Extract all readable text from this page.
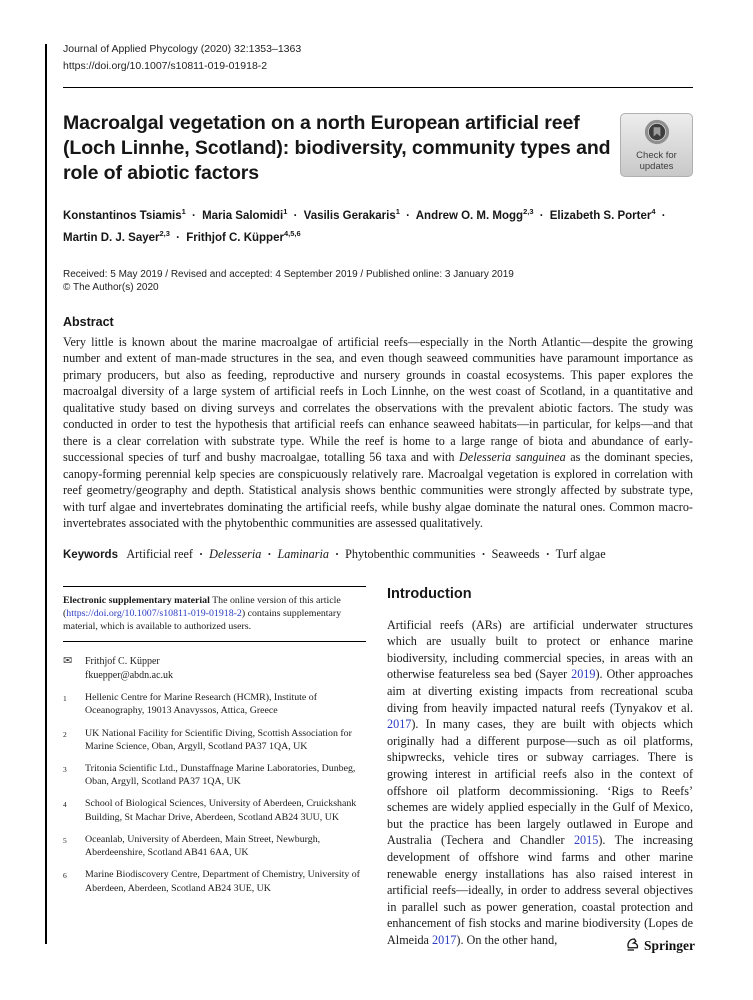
Journal of Applied Phycology (2020) 32:1353–1363
https://doi.org/10.1007/s10811-019-01918-2
Macroalgal vegetation on a north European artificial reef (Loch Linnhe, Scotland): biodiversity, community types and role of abiotic factors
Check for
updates
Konstantinos Tsiamis$^1$ · Maria Salomidi$^1$ · Vasilis Gerakaris$^1$ · Andrew O. M. Mogg$^{2,3}$ · Elizabeth S. Porter$^4$ · Martin D. J. Sayer$^{2,3}$ · Frithjof C. Küpper$^{4,5,6}$
Received: 5 May 2019 / Revised and accepted: 4 September 2019 / Published online: 3 January 2019
© The Author(s) 2020
Abstract

Very little is known about the marine macroalgae of artificial reefs—especially in the North Atlantic—despite the growing number and extent of man-made structures in the sea, and even though seaweed communities have paramount importance as primary producers, but also as feeding, reproductive and nursery grounds in coastal ecosystems. This paper explores the macroalgal diversity of a large system of artificial reefs in Loch Linnhe, on the west coast of Scotland, in a quantitative and qualitative study based on diving surveys and correlates the observations with the prevalent abiotic factors. The study was conducted in order to test the hypothesis that artificial reefs can enhance seaweed habitats—in particular, for kelps—and that there is a clear correlation with substrate type. While the reef is home to a large range of biota and abundance of early-successional species of turf and bushy macroalgae, totalling 56 taxa and with Delesseria sanguinea as the dominant species, canopy-forming perennial kelp species are conspicuously relatively rare. Macroalgal vegetation is explored in correlation with reef geometry/geography and depth. Statistical analysis shows benthic communities were strongly affected by substrate type, with turf algae and invertebrates dominating the artificial reefs, while bushy algae dominate the natural ones. Common macro-invertebrates associated with the phytobenthic communities are assessed qualitatively.

Keywords Artificial reef · Delesseria · Laminaria · Phytobenthic communities · Seaweeds · Turf algae

Electronic supplementary material The online version of this article (https://doi.org/10.1007/s10811-019-01918-2) contains supplementary material, which is available to authorized users.
✉	Frithjof C. Küpper
fkuepper@abdn.ac.uk
1	Hellenic Centre for Marine Research (HCMR), Institute of Oceanography, 19013 Anavyssos, Attica, Greece
2	UK National Facility for Scientific Diving, Scottish Association for Marine Science, Oban, Argyll, Scotland PA37 1QA, UK
3	Tritonia Scientific Ltd., Dunstaffnage Marine Laboratories, Dunbeg, Oban, Argyll, Scotland PA37 1QA, UK
4	School of Biological Sciences, University of Aberdeen, Cruickshank Building, St Machar Drive, Aberdeen, Scotland AB24 3UU, UK
5	Oceanlab, University of Aberdeen, Main Street, Newburgh, Aberdeenshire, Scotland AB41 6AA, UK
6	Marine Biodiscovery Centre, Department of Chemistry, University of Aberdeen, Aberdeen, Scotland AB24 3UE, UK
Introduction

Artificial reefs (ARs) are artificial underwater structures which are usually built to protect or enhance marine biodiversity, including commercial species, in areas with an otherwise featureless sea bed (Sayer 2019). Other approaches aim at diverting existing impacts from recreational scuba diving from heavily impacted natural reefs (Tynyakov et al. 2017). In many cases, they are built with objects which originally had a different purpose—such as oil platforms, shipwrecks, vehicle tires or subway carriages. There is growing interest in artificial reefs also in the context of offshore oil platform decommissioning. ‘Rigs to Reefs’ schemes are widely applied especially in the Gulf of Mexico, but the practice has been largely outlawed in Europe and Australia (Techera and Chandler 2015). The increasing development of offshore wind farms and other marine renewable energy installations has also raised interest in artificial reefs—ideally, in order to address several objectives in parallel such as power generation, coastal protection and enhancement of fish stocks and marine biodiversity (Lopes de Almeida 2017). On the other hand,	Springer
